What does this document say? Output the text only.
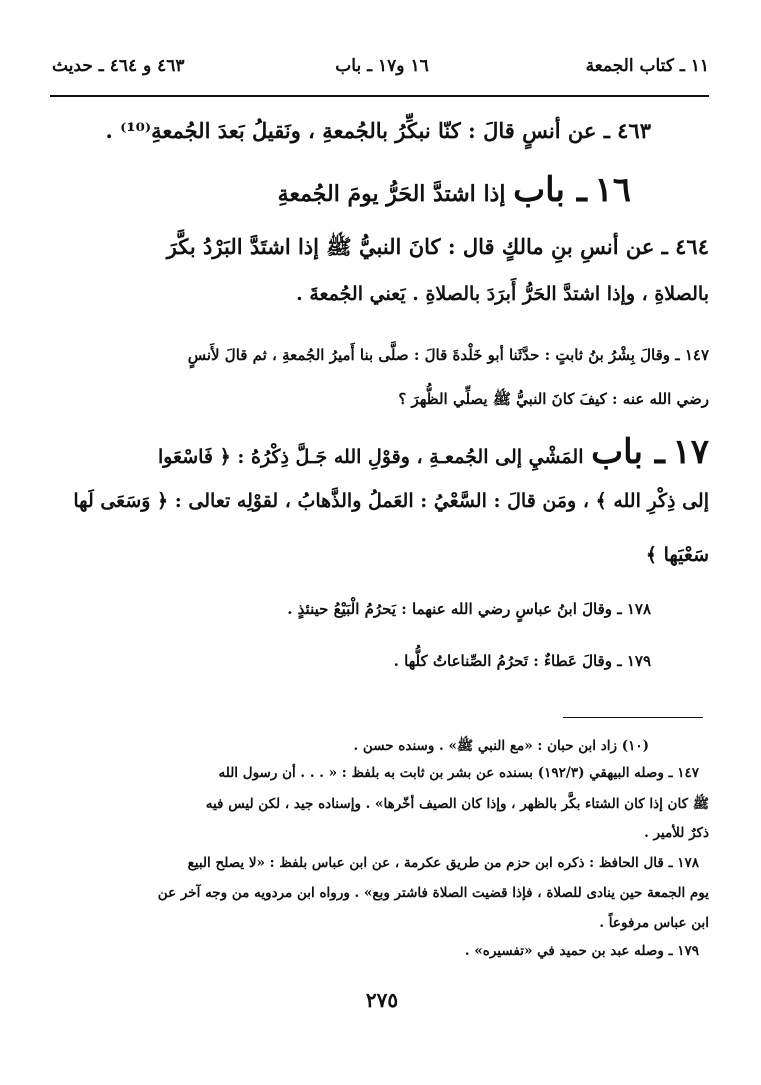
١١ ـ كتاب الجمعة
١٦ و١٧ ـ باب
٤٦٣ و ٤٦٤ ـ حديث
٤٦٣ ـ عن أنسٍ قالَ : كنّا نبكِّرُ بالجُمعةِ ، ونَقيلُ بَعدَ الجُمعةِ⁽¹⁰⁾ .
١٦ ـ باب إذا اشتدَّ الحَرُّ يومَ الجُمعةِ
٤٦٤ ـ عن أنسِ بنِ مالكٍ قال : كانَ النبيُّ ﷺ إذا اشتَدَّ البَرْدُ بكَّرَ
بالصلاةِ ، وإذا اشتدَّ الحَرُّ أَبرَدَ بالصلاةِ . يَعني الجُمعةَ .
١٤٧ ـ وقالَ بِشْرُ بنُ ثابتٍ : حدَّثَنا أبو خَلْدةَ قالَ : صلَّى بنا أَميرُ الجُمعةِ ، ثم قالَ لأَنسٍ
رضي الله عنه : كيفَ كانَ النبيُّ ﷺ يصلِّي الظُّهرَ ؟
١٧ ـ باب المَشْيِ إلى الجُمعـةِ ، وقوْلِ الله جَـلَّ ذِكْرُهُ : ﴿ فَاسْعَوا
إلى ذِكْرِ الله ﴾ ، ومَن قالَ : السَّعْيُ : العَملُ والذَّهابُ ، لقوْلِه تعالى : ﴿ وَسَعَى لَها
سَعْيَها ﴾
١٧٨ ـ وقالَ ابنُ عباسٍ رضي الله عنهما : يَحرُمُ الْبَيْعُ حينئذٍ .
١٧٩ ـ وقالَ عَطاءٌ : تَحرُمُ الصِّناعاتُ كلُّها .
(١٠) زاد ابن حبان : «مع النبي ﷺ» . وسنده حسن .
١٤٧ ـ وصله البيهقي (١٩٢/٣) بسنده عن بشر بن ثابت به بلفظ : « . . . أن رسول الله
ﷺ كان إذا كان الشتاء بكَّر بالظهر ، وإذا كان الصيف أخّرها» . وإسناده جيد ، لكن ليس فيه
ذكرٌ للأمير .
١٧٨ ـ قال الحافظ : ذكره ابن حزم من طريق عكرمة ، عن ابن عباس بلفظ : «لا يصلح البيع
يوم الجمعة حين ينادى للصلاة ، فإذا قضيت الصلاة فاشتر وبع» . ورواه ابن مردويه من وجه آخر عن
ابن عباس مرفوعاً .
١٧٩ ـ وصله عبد بن حميد في «تفسيره» .
٢٧٥
